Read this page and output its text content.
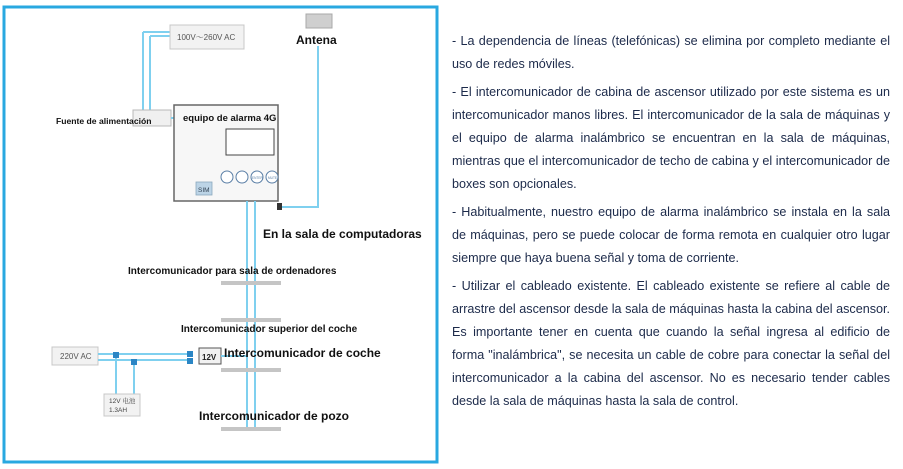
100V～260V AC
Fuente de alimentación
Antena
equipo de alarma 4G
SIM
ENTER MUTE
En la sala de computadoras
Intercomunicador para sala de ordenadores
Intercomunicador superior del coche
220V AC
12V 电池
1.3AH
12V Intercomunicador de coche
Intercomunicador de pozo

- La dependencia de líneas (telefónicas) se elimina por completo mediante el uso de redes móviles.

- El intercomunicador de cabina de ascensor utilizado por este sistema es un intercomunicador manos libres. El intercomunicador de la sala de máquinas y el equipo de alarma inalámbrico se encuentran en la sala de máquinas, mientras que el intercomunicador de techo de cabina y el intercomunicador de boxes son opcionales.

- Habitualmente, nuestro equipo de alarma inalámbrico se instala en la sala de máquinas, pero se puede colocar de forma remota en cualquier otro lugar siempre que haya buena señal y toma de corriente.

- Utilizar el cableado existente. El cableado existente se refiere al cable de arrastre del ascensor desde la sala de máquinas hasta la cabina del ascensor. Es importante tener en cuenta que cuando la señal ingresa al edificio de forma "inalámbrica", se necesita un cable de cobre para conectar la señal del intercomunicador a la cabina del ascensor. No es necesario tender cables desde la sala de máquinas hasta la sala de control.
